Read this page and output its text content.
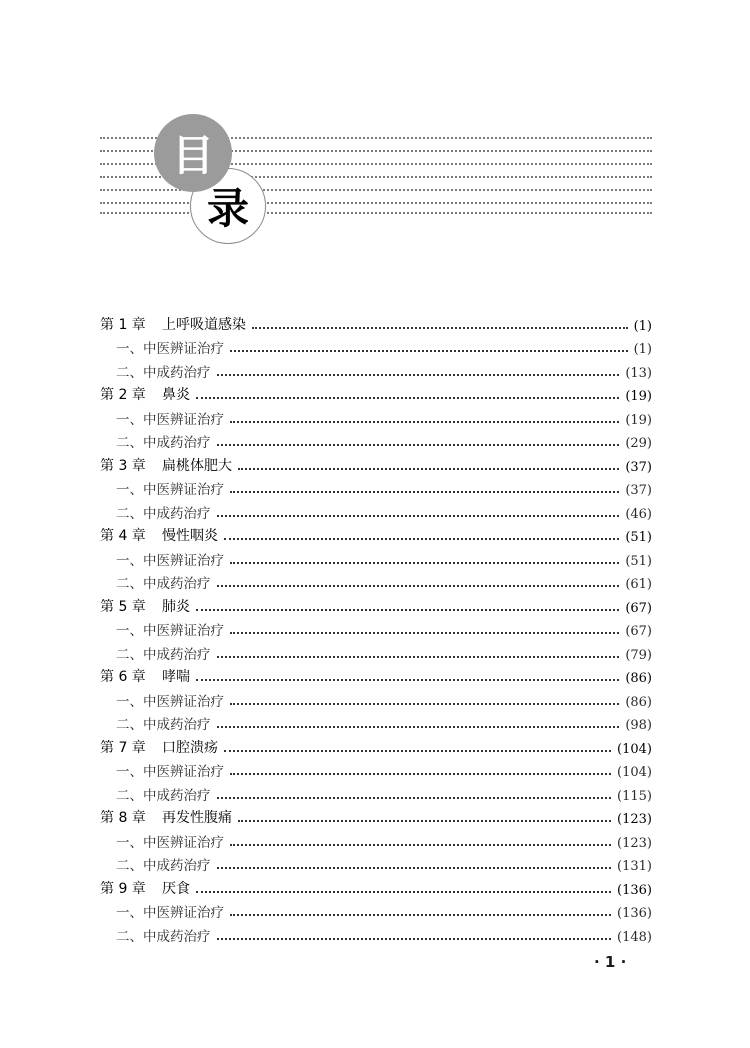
目
录
第 1 章	上呼吸道感染	(1)
一、中医辨证治疗	(1)
二、中成药治疗	(13)
第 2 章	鼻炎	(19)
一、中医辨证治疗	(19)
二、中成药治疗	(29)
第 3 章	扁桃体肥大	(37)
一、中医辨证治疗	(37)
二、中成药治疗	(46)
第 4 章	慢性咽炎	(51)
一、中医辨证治疗	(51)
二、中成药治疗	(61)
第 5 章	肺炎	(67)
一、中医辨证治疗	(67)
二、中成药治疗	(79)
第 6 章	哮喘	(86)
一、中医辨证治疗	(86)
二、中成药治疗	(98)
第 7 章	口腔溃疡	(104)
一、中医辨证治疗	(104)
二、中成药治疗	(115)
第 8 章	再发性腹痛	(123)
一、中医辨证治疗	(123)
二、中成药治疗	(131)
第 9 章	厌食	(136)
一、中医辨证治疗	(136)
二、中成药治疗	(148)
· 1 ·
